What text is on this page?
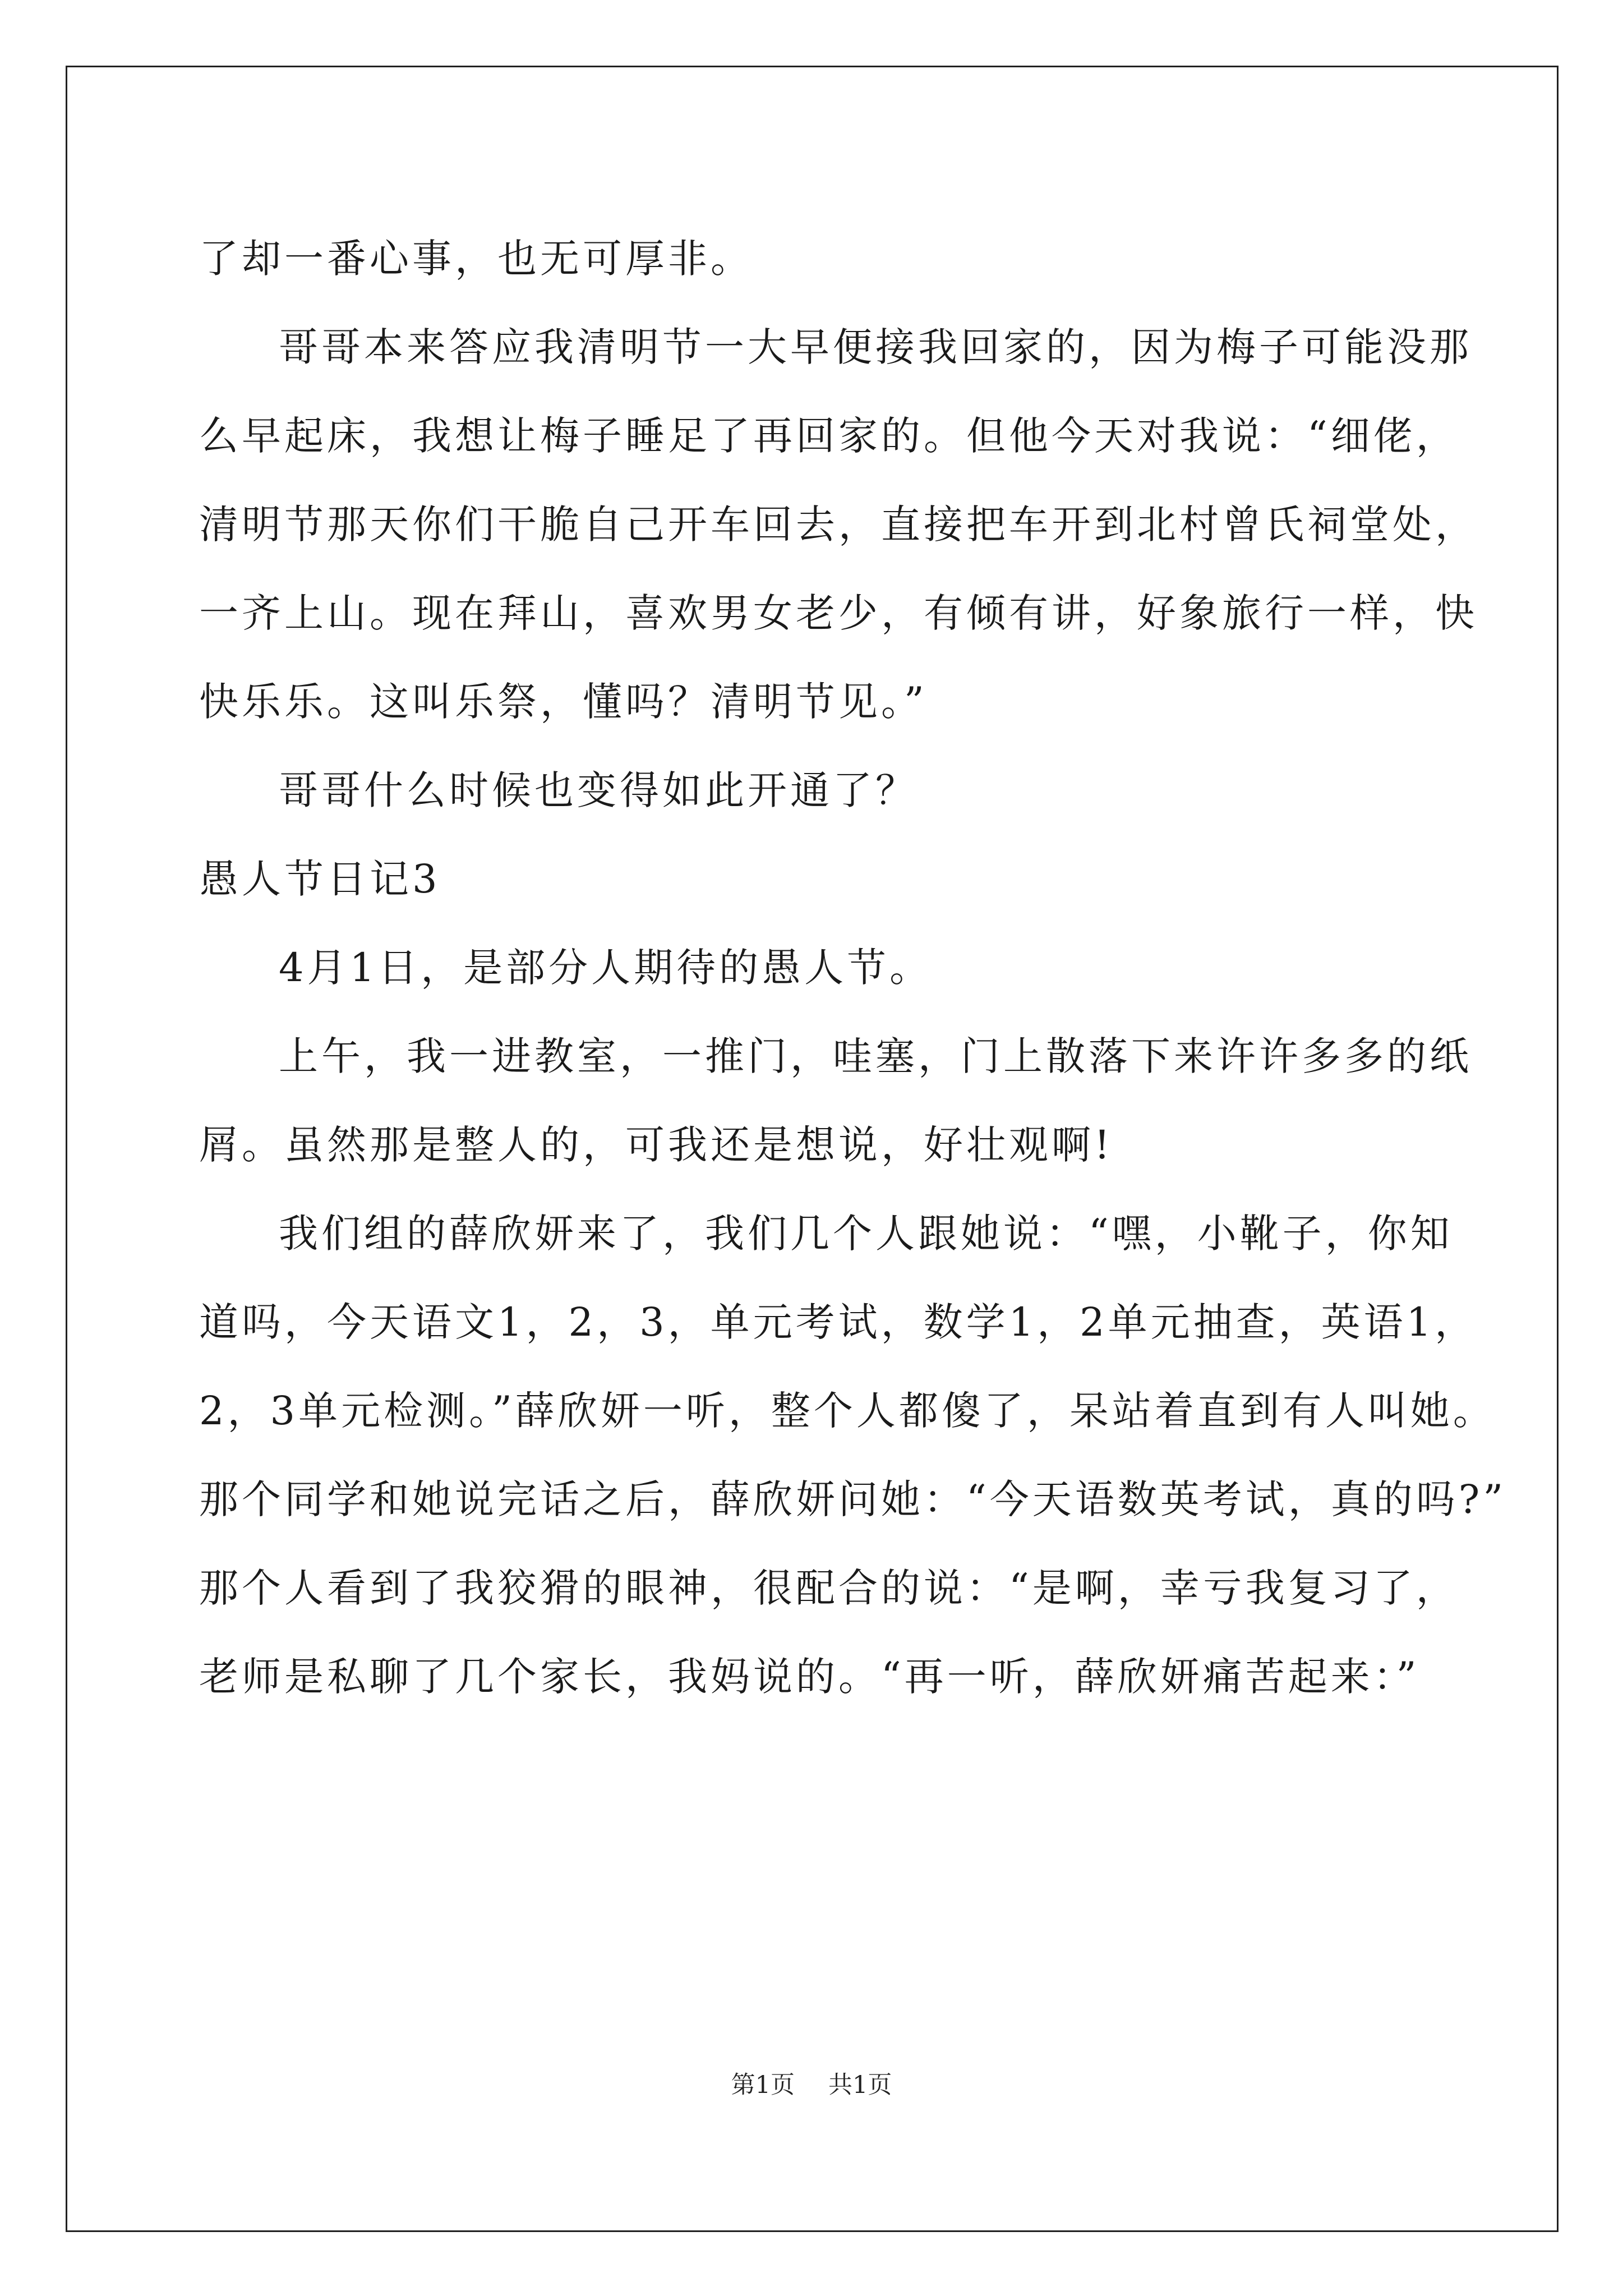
了却一番心事，也无可厚非。
哥哥本来答应我清明节一大早便接我回家的，因为梅子可能没那
么早起床，我想让梅子睡足了再回家的。但他今天对我说：“细佬，
清明节那天你们干脆自己开车回去，直接把车开到北村曾氏祠堂处，
一齐上山。现在拜山，喜欢男女老少，有倾有讲，好象旅行一样，快
快乐乐。这叫乐祭，懂吗？清明节见。”
哥哥什么时候也变得如此开通了？
愚人节日记3
4月1日，是部分人期待的愚人节。
上午，我一进教室，一推门，哇塞，门上散落下来许许多多的纸
屑。虽然那是整人的，可我还是想说，好壮观啊!
我们组的薛欣妍来了，我们几个人跟她说：“嘿，小靴子，你知
道吗，今天语文1，2，3，单元考试，数学1，2单元抽查，英语1，
2，3单元检测。”薛欣妍一听，整个人都傻了，呆站着直到有人叫她。
那个同学和她说完话之后，薛欣妍问她：“今天语数英考试，真的吗?”
那个人看到了我狡猾的眼神，很配合的说：“是啊，幸亏我复习了，
老师是私聊了几个家长，我妈说的。“再一听，薛欣妍痛苦起来：”
第1页 共1页
